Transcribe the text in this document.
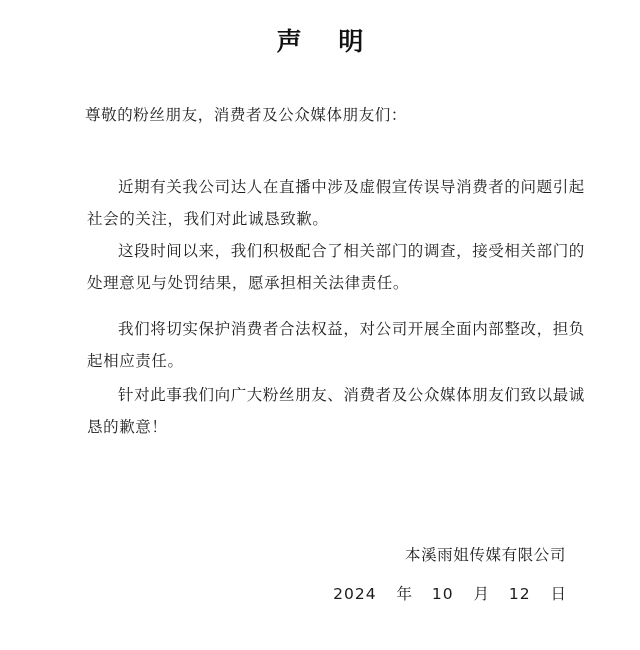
声 明
尊敬的粉丝朋友，消费者及公众媒体朋友们：

近期有关我公司达人在直播中涉及虚假宣传误导消费者的问题引起社会的关注，我们对此诚恳致歉。

这段时间以来，我们积极配合了相关部门的调查，接受相关部门的处理意见与处罚结果，愿承担相关法律责任。

我们将切实保护消费者合法权益，对公司开展全面内部整改，担负起相应责任。

针对此事我们向广大粉丝朋友、消费者及公众媒体朋友们致以最诚恳的歉意！

本溪雨姐传媒有限公司
2024 年 10 月 12 日
